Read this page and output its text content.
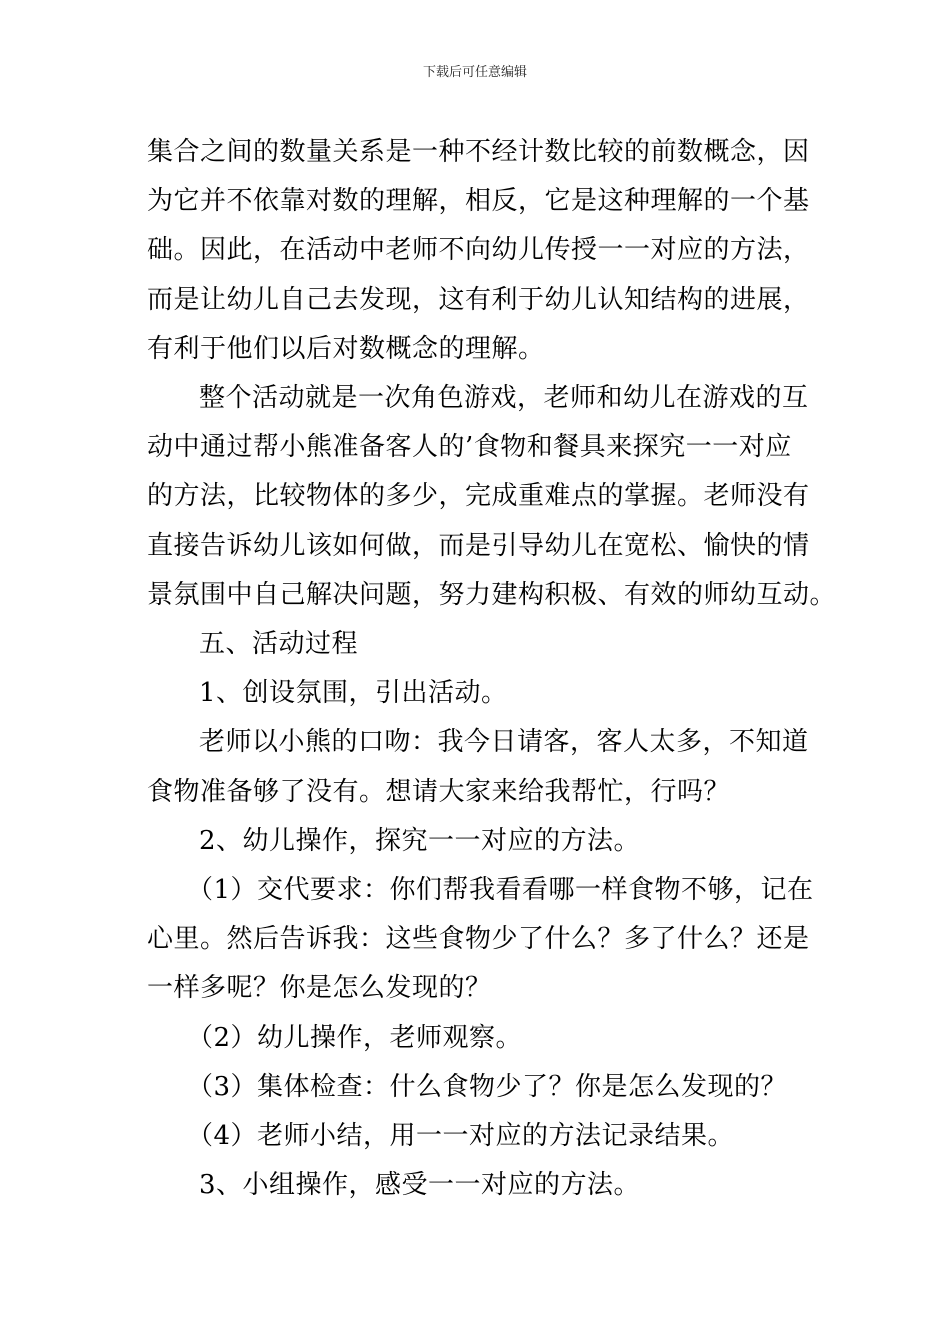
下载后可任意编辑

集合之间的数量关系是一种不经计数比较的前数概念，因

为它并不依靠对数的理解，相反，它是这种理解的一个基

础。因此，在活动中老师不向幼儿传授一一对应的方法，

而是让幼儿自己去发现，这有利于幼儿认知结构的进展，

有利于他们以后对数概念的理解。

整个活动就是一次角色游戏，老师和幼儿在游戏的互

动中通过帮小熊准备客人的’食物和餐具来探究一一对应

的方法，比较物体的多少，完成重难点的掌握。老师没有

直接告诉幼儿该如何做，而是引导幼儿在宽松、愉快的情

景氛围中自己解决问题，努力建构积极、有效的师幼互动。

五、活动过程

1、创设氛围，引出活动。

老师以小熊的口吻：我今日请客，客人太多，不知道

食物准备够了没有。想请大家来给我帮忙，行吗？

2、幼儿操作，探究一一对应的方法。

（1）交代要求：你们帮我看看哪一样食物不够，记在

心里。然后告诉我：这些食物少了什么？多了什么？还是

一样多呢？你是怎么发现的？

（2）幼儿操作，老师观察。

（3）集体检查：什么食物少了？你是怎么发现的？

（4）老师小结，用一一对应的方法记录结果。

3、小组操作，感受一一对应的方法。
